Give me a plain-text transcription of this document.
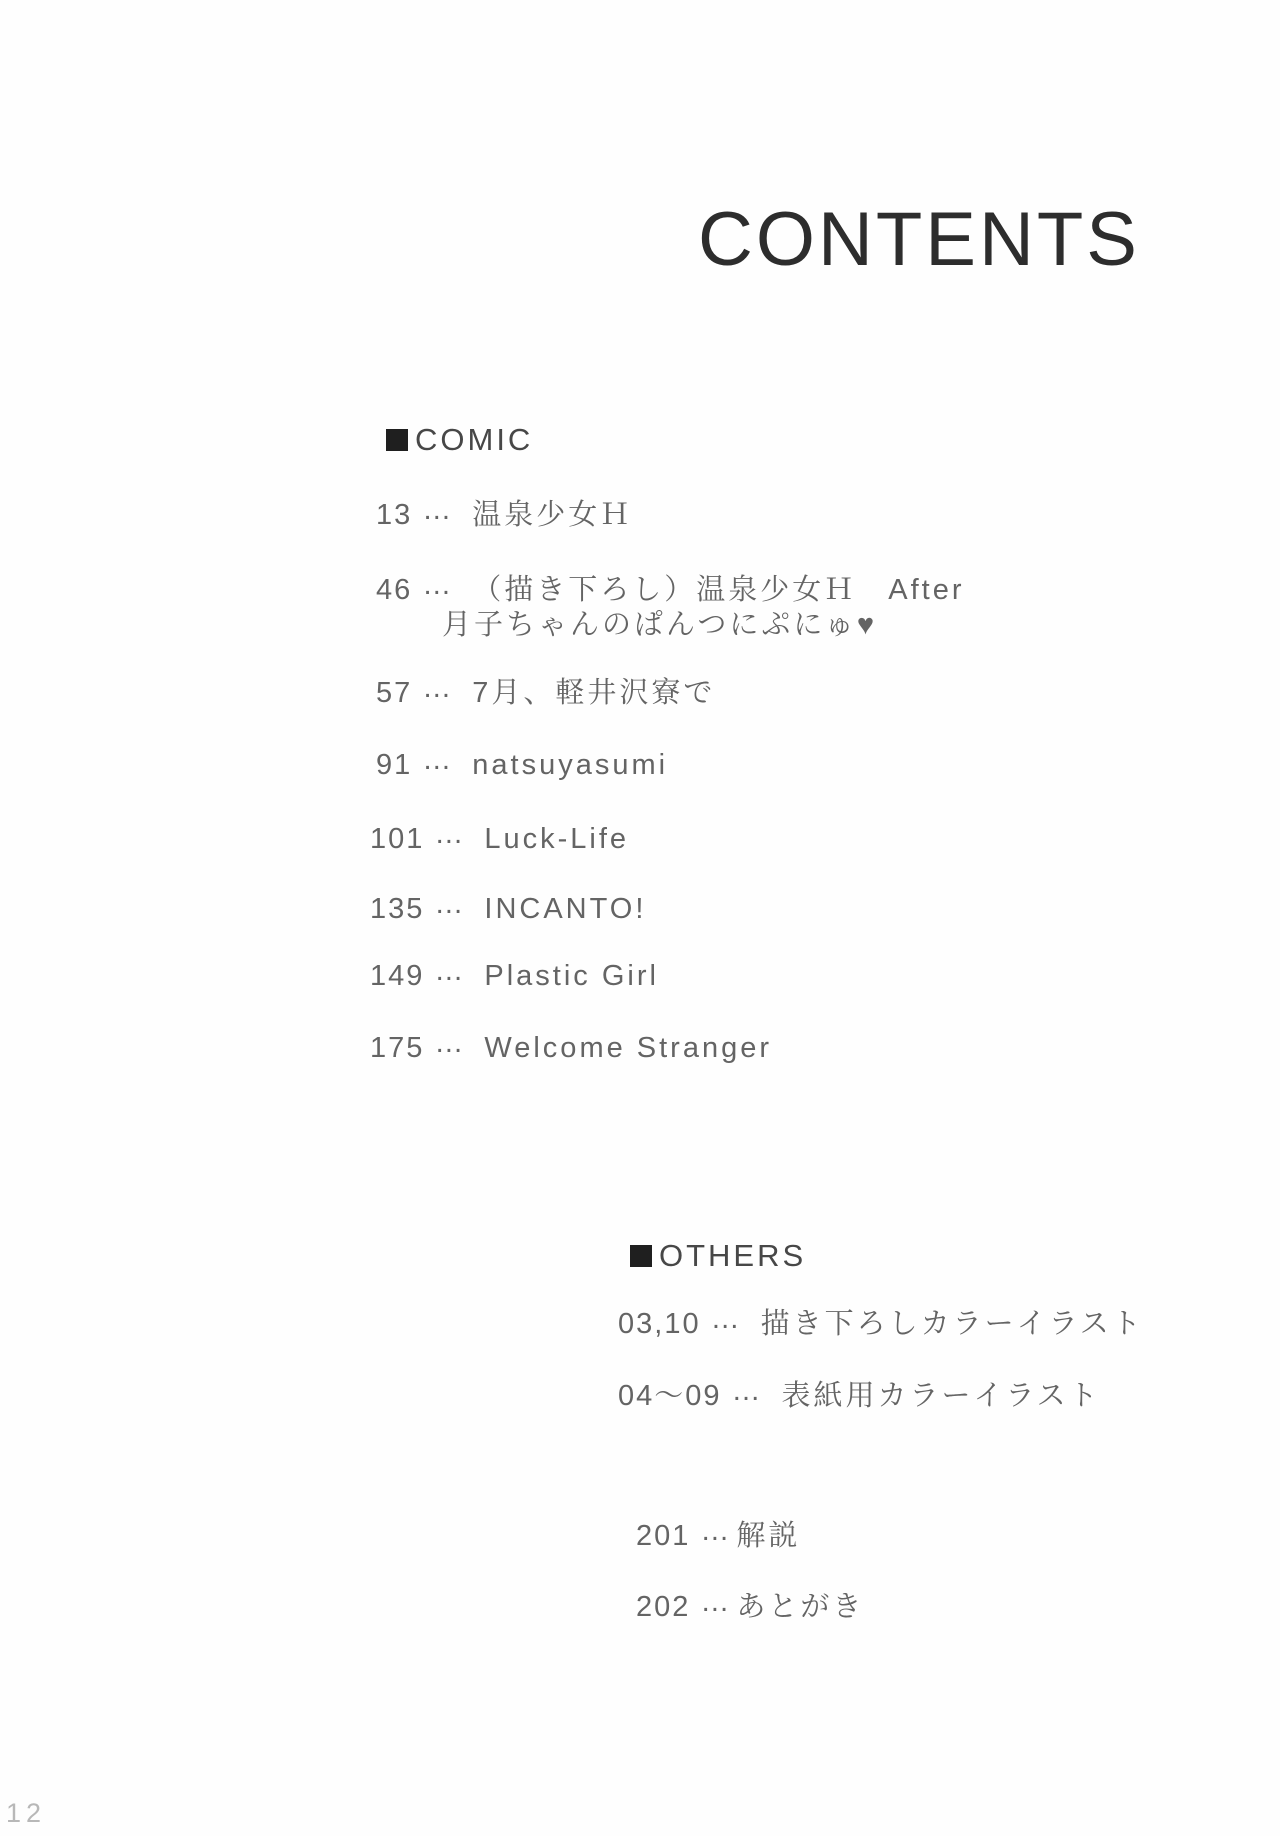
CONTENTS
COMIC
13 … 温泉少女Ｈ
46 … （描き下ろし）温泉少女Ｈ　After
月子ちゃんのぱんつにぷにゅ♥
57 … 7月、軽井沢寮で
91 … natsuyasumi
101 … Luck-Life
135 … INCANTO!
149 … Plastic Girl
175 … Welcome Stranger
OTHERS
03,10 … 描き下ろしカラーイラスト
04～09 … 表紙用カラーイラスト
201 … 解説
202 … あとがき
12
